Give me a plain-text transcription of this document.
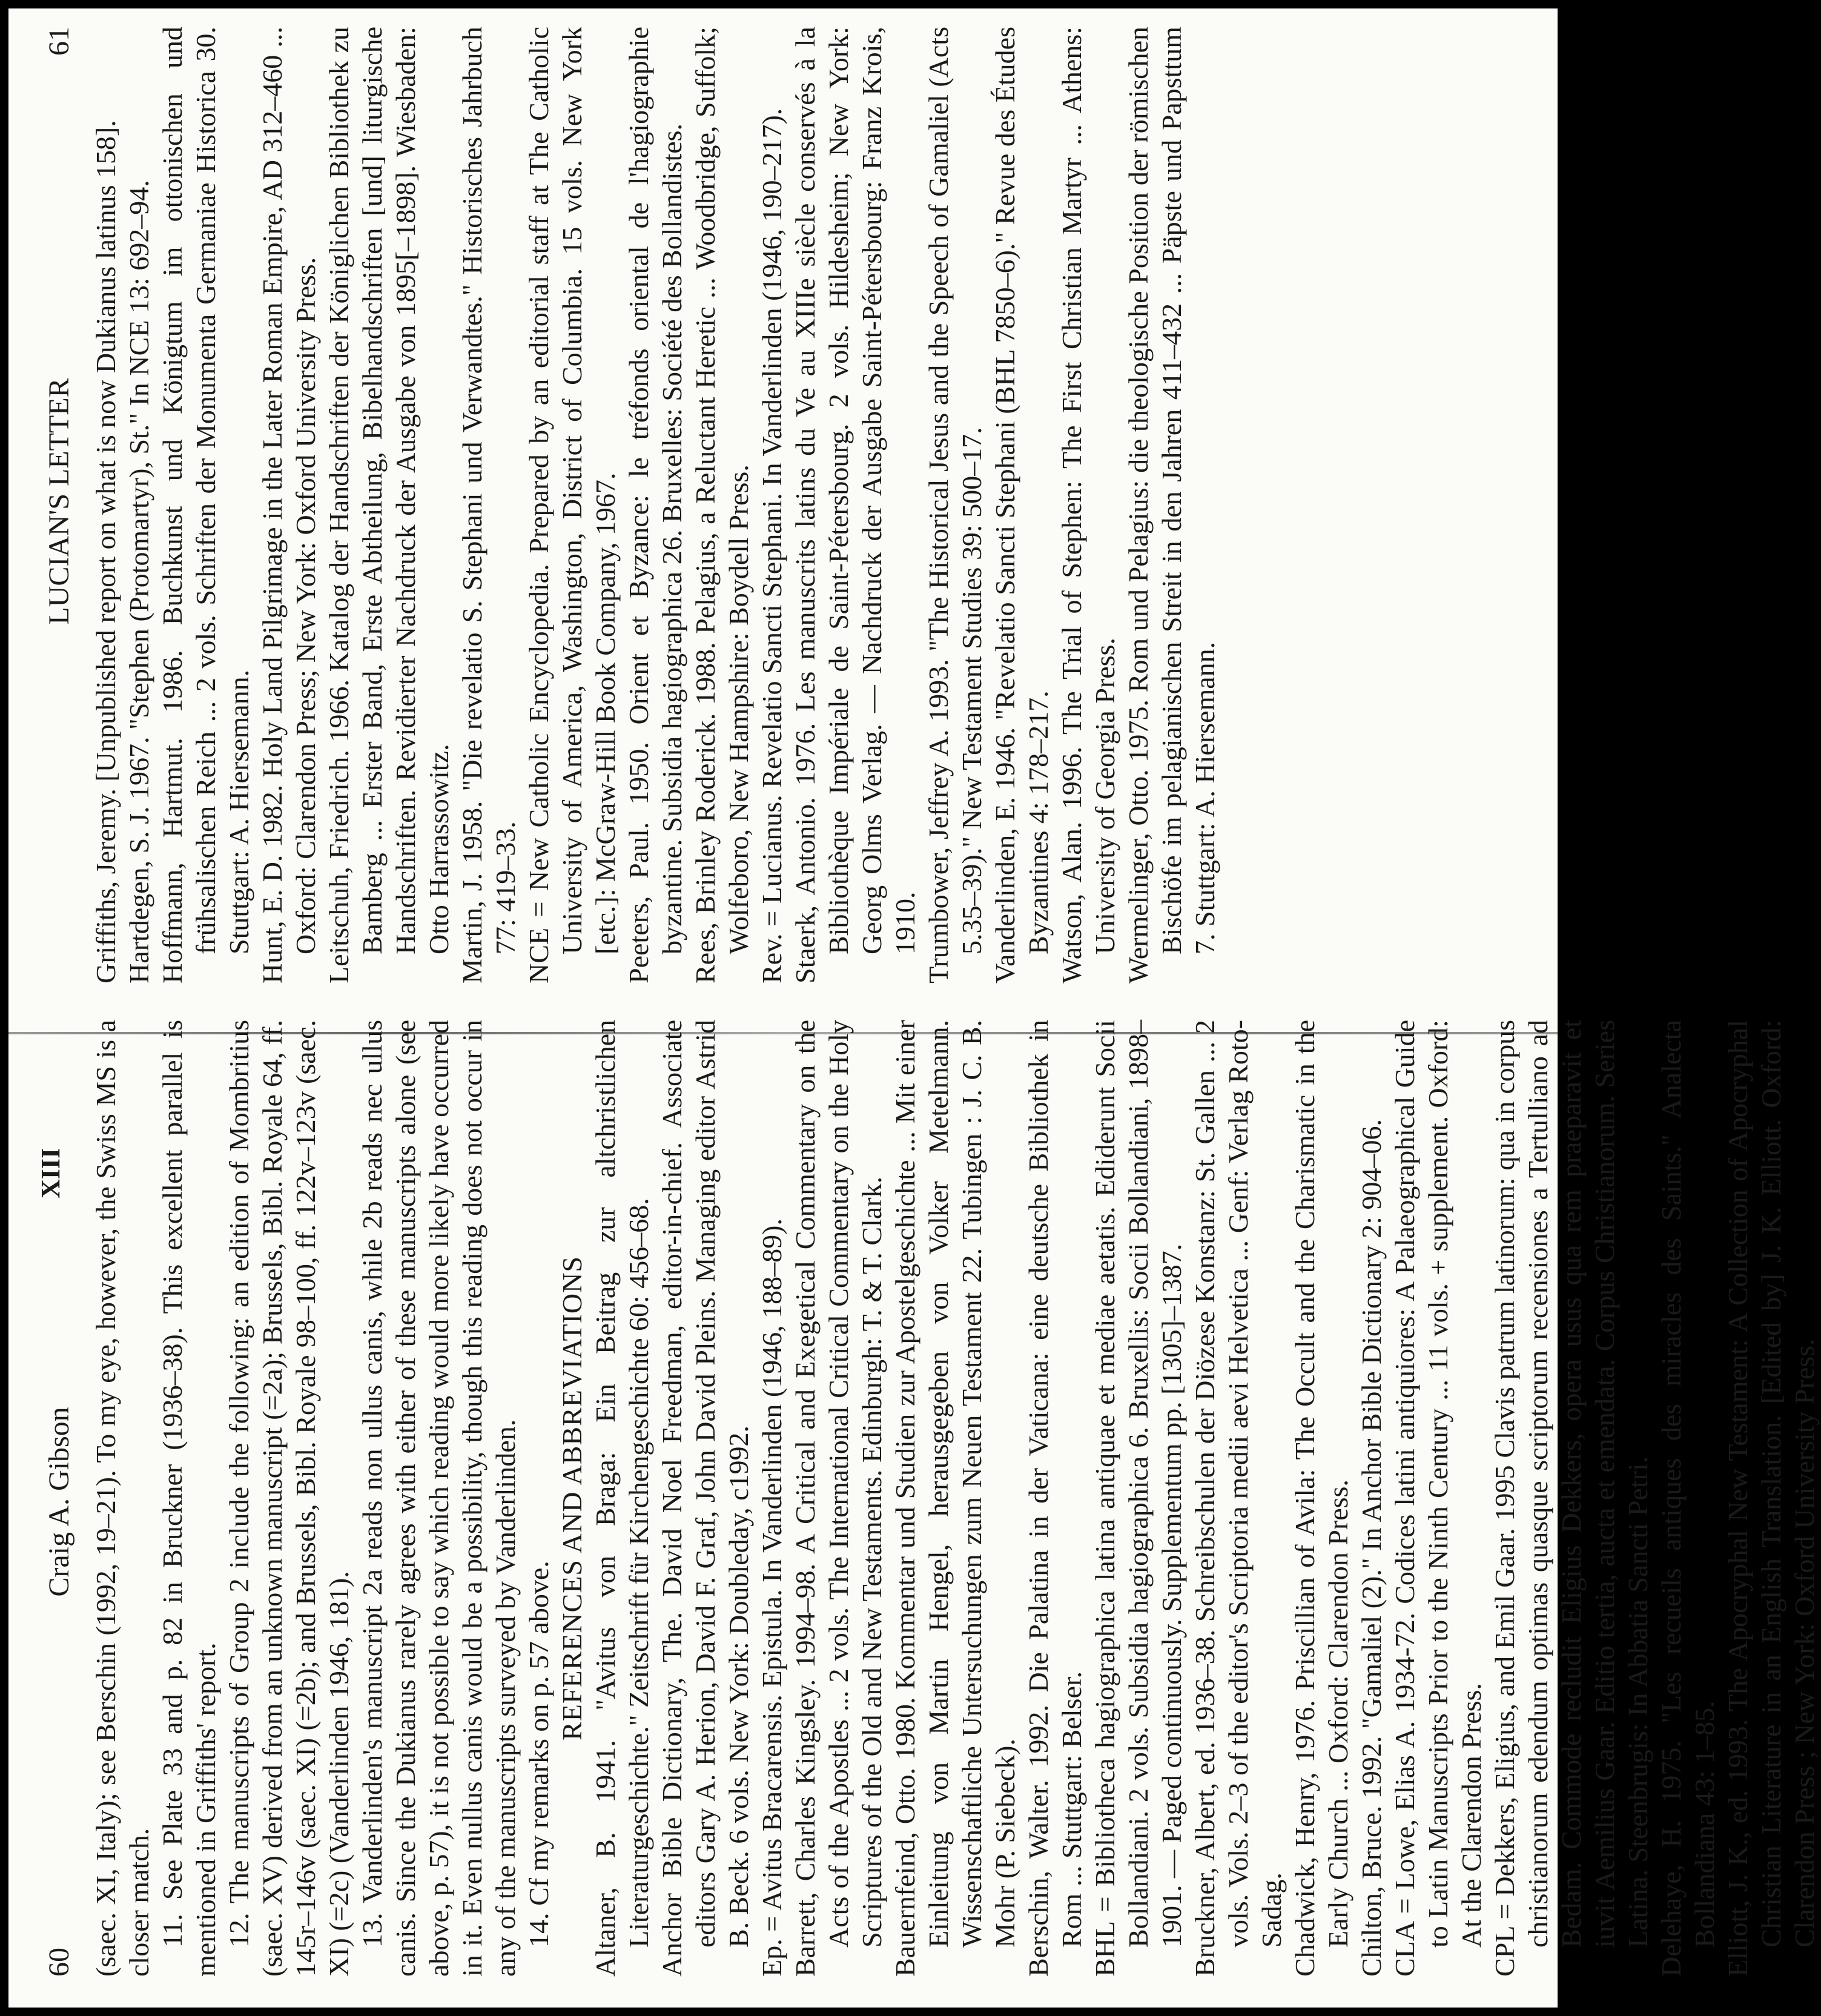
XIII
60
Craig A. Gibson (saec. XI, Italy); see Berschin (1992, 19–21). To my eye, however, the Swiss MS is a closer match. 11. See Plate 33 and p. 82 in Bruckner (1936–38). This excellent parallel is mentioned in Griffiths' report. 12. The manuscripts of Group 2 include the following: an edition of Mombritius (saec. XV) derived from an unknown manuscript (=2a); Brussels, Bibl. Royale 64, ff. 145r–146v (saec. XI) (=2b); and Brussels, Bibl. Royale 98–100, ff. 122v–123v (saec. XI) (=2c) (Vanderlinden 1946, 181). 13. Vanderlinden's manuscript 2a reads non ullus canis, while 2b reads nec ullus canis. Since the Dukianus rarely agrees with either of these manuscripts alone (see above, p. 57), it is not possible to say which reading would more likely have occurred in it. Even nullus canis would be a possibility, though this reading does not occur in any of the manuscripts surveyed by Vanderlinden. 14. Cf my remarks on p. 57 above.

REFERENCES AND ABBREVIATIONS Altaner, B. 1941. "Avitus von Braga: Ein Beitrag zur altchristlichen Literaturgeschichte." Zeitschrift für Kirchengeschichte 60: 456–68. Anchor Bible Dictionary, The. David Noel Freedman, editor-in-chief. Associate editors Gary A. Herion, David F. Graf, John David Pleins. Managing editor Astrid B. Beck. 6 vols. New York: Doubleday, c1992. Ep. = Avitus Bracarensis. Epistula. In Vanderlinden (1946, 188–89). Barrett, Charles Kingsley. 1994–98. A Critical and Exegetical Commentary on the Acts of the Apostles ... 2 vols. The International Critical Commentary on the Holy Scriptures of the Old and New Testaments. Edinburgh: T. & T. Clark. Bauernfeind, Otto. 1980. Kommentar und Studien zur Apostelgeschichte ... Mit einer Einleitung von Martin Hengel, herausgegeben von Volker Metelmann. Wissenschaftliche Untersuchungen zum Neuen Testament 22. Tubingen : J. C. B. Mohr (P. Siebeck). Berschin, Walter. 1992. Die Palatina in der Vaticana: eine deutsche Bibliothek in Rom ... Stuttgart: Belser. BHL = Bibliotheca hagiographica latina antiquae et mediae aetatis. Ediderunt Socii Bollandiani. 2 vols. Subsidia hagiographica 6. Bruxellis: Socii Bollandiani, 1898–1901. — Paged continuously. Supplementum pp. [1305]–1387. Bruckner, Albert, ed. 1936–38. Schreibschulen der Diözese Konstanz: St. Gallen ... 2 vols. Vols. 2–3 of the editor's Scriptoria medii aevi Helvetica ... Genf: Verlag Roto-Sadag. Chadwick, Henry, 1976. Priscillian of Avila: The Occult and the Charismatic in the Early Church ... Oxford: Clarendon Press. Chilton, Bruce. 1992. "Gamaliel (2)." In Anchor Bible Dictionary 2: 904–06. CLA = Lowe, Elias A. 1934-72. Codices latini antiquiores: A Palaeographical Guide to Latin Manuscripts Prior to the Ninth Century ... 11 vols. + supplement. Oxford: At the Clarendon Press. CPL = Dekkers, Eligius, and Emil Gaar. 1995 Clavis patrum latinorum: qua in corpus christianorum edendum optimas quasque scriptorum recensiones a Tertulliano ad Bedam. Commode recludit Eligius Dekkers, opera usus qua rem praeparavit et iuvit Aemilius Gaar. Editio tertia, aucta et emendata. Corpus Christianorum. Series Latina. Steenbrugis: In Abbatia Sancti Petri. Delehaye, H. 1975. "Les recueils antiques des miracles des Saints." Analecta Bollandiana 43: 1–85. Elliott, J. K., ed. 1993. The Apocryphal New Testament: A Collection of Apocryphal Christian Literature in an English Translation. [Edited by] J. K. Elliott. Oxford: Clarendon Press ; New York: Oxford University Press.

LUCIAN'S LETTER
61

Griffiths, Jeremy. [Unpublished report on what is now Dukianus latinus 158]. Hartdegen, S. J. 1967. "Stephen (Protomartyr), St." In NCE 13: 692–94. Hoffmann, Hartmut. 1986. Buchkunst und Königtum im ottonischen und frühsalischen Reich ... 2 vols. Schriften der Monumenta Germaniae Historica 30. Stuttgart: A. Hiersemann. Hunt, E. D. 1982. Holy Land Pilgrimage in the Later Roman Empire, AD 312–460 ... Oxford: Clarendon Press; New York: Oxford University Press. Leitschuh, Friedrich. 1966. Katalog der Handschriften der Königlichen Bibliothek zu Bamberg ... Erster Band, Erste Abtheilung, Bibelhandschriften [und] liturgische Handschriften. Revidierter Nachdruck der Ausgabe von 1895[–1898]. Wiesbaden: Otto Harrassowitz. Martin, J. 1958. "Die revelatio S. Stephani und Verwandtes." Historisches Jahrbuch 77: 419–33. NCE = New Catholic Encyclopedia. Prepared by an editorial staff at The Catholic University of America, Washington, District of Columbia. 15 vols. New York [etc.]: McGraw-Hill Book Company, 1967. Peeters, Paul. 1950. Orient et Byzance: le tréfonds oriental de l'hagiographie byzantine. Subsidia hagiographica 26. Bruxelles: Société des Bollandistes. Rees, Brinley Roderick. 1988. Pelagius, a Reluctant Heretic ... Woodbridge, Suffolk; Wolfeboro, New Hampshire: Boydell Press. Rev. = Lucianus. Revelatio Sancti Stephani. In Vanderlinden (1946, 190–217). Staerk, Antonio. 1976. Les manuscrits latins du Ve au XIIIe siècle conservés à la Bibliothèque Impériale de Saint-Pétersbourg. 2 vols. Hildesheim; New York: Georg Olms Verlag. — Nachdruck der Ausgabe Saint-Pétersbourg: Franz Krois, 1910. Trumbower, Jeffrey A. 1993. "The Historical Jesus and the Speech of Gamaliel (Acts 5.35–39)." New Testament Studies 39: 500–17. Vanderlinden, E. 1946. "Revelatio Sancti Stephani (BHL 7850–6)." Revue des Études Byzantines 4: 178–217. Watson, Alan. 1996. The Trial of Stephen: The First Christian Martyr ... Athens: University of Georgia Press. Wermelinger, Otto. 1975. Rom und Pelagius: die theologische Position der römischen Bischöfe im pelagianischen Streit in den Jahren 411–432 ... Päpste und Papsttum 7. Stuttgart: A. Hiersemann.
